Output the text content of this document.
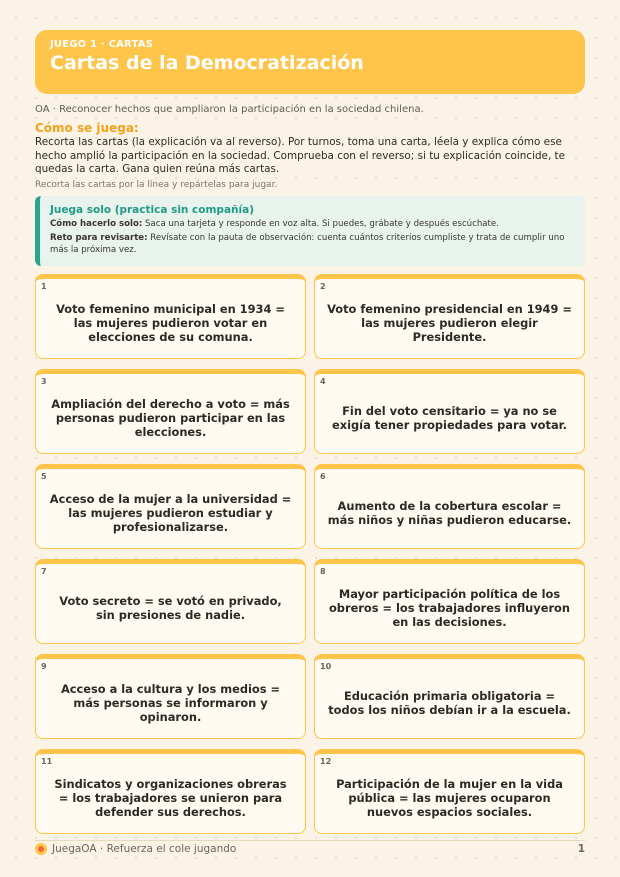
JUEGO 1 · CARTAS
Cartas de la Democratización
OA · Reconocer hechos que ampliaron la participación en la sociedad chilena.
Cómo se juega:
Recorta las cartas (la explicación va al reverso). Por turnos, toma una carta, léela y explica cómo ese hecho amplió la participación en la sociedad. Comprueba con el reverso; si tu explicación coincide, te quedas la carta. Gana quien reúna más cartas.
Recorta las cartas por la línea y repártelas para jugar.
Juega solo (practica sin compañía)
Cómo hacerlo solo: Saca una tarjeta y responde en voz alta. Si puedes, grábate y después escúchate.
Reto para revisarte: Revísate con la pauta de observación: cuenta cuántos criterios cumpliste y trata de cumplir uno más la próxima vez.
1
Voto femenino municipal en 1934 = las mujeres pudieron votar en elecciones de su comuna.
2
Voto femenino presidencial en 1949 = las mujeres pudieron elegir Presidente.
3
Ampliación del derecho a voto = más personas pudieron participar en las elecciones.
4
Fin del voto censitario = ya no se exigía tener propiedades para votar.
5
Acceso de la mujer a la universidad = las mujeres pudieron estudiar y profesionalizarse.
6
Aumento de la cobertura escolar = más niños y niñas pudieron educarse.
7
Voto secreto = se votó en privado, sin presiones de nadie.
8
Mayor participación política de los obreros = los trabajadores influyeron en las decisiones.
9
Acceso a la cultura y los medios = más personas se informaron y opinaron.
10
Educación primaria obligatoria = todos los niños debían ir a la escuela.
11
Sindicatos y organizaciones obreras = los trabajadores se unieron para defender sus derechos.
12
Participación de la mujer en la vida pública = las mujeres ocuparon nuevos espacios sociales.
JuegaOA · Refuerza el cole jugando	1
